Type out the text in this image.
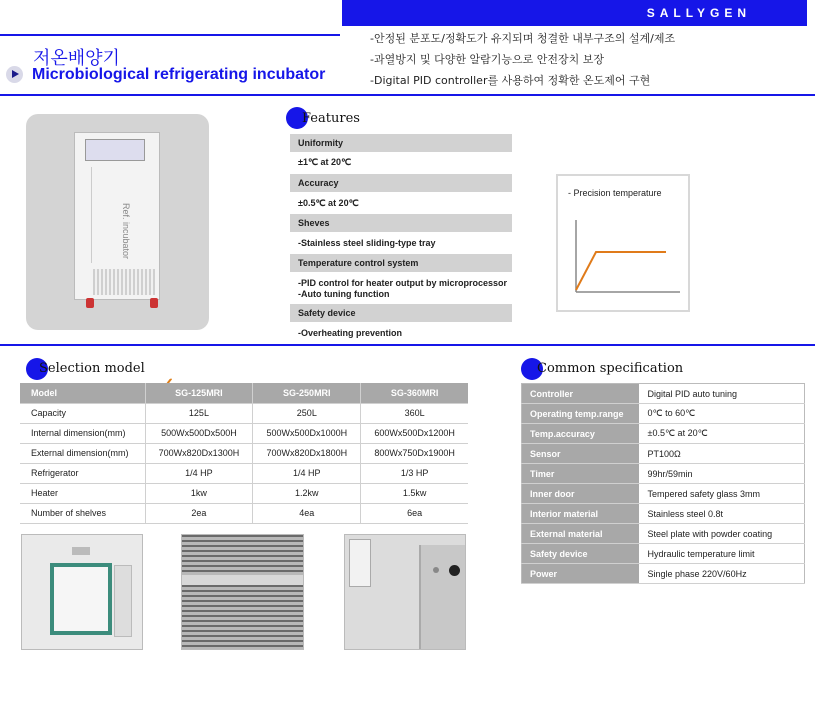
SALLYGEN
저온배양기
Microbiological refrigerating incubator
-안정된 분포도/정확도가 유지되며 청결한 내부구조의 설계/제조
-과열방지 및 다양한 알람기능으로 안전장치 보장
-Digital PID controller를 사용하여 정확한 온도제어 구현
Ref. incubator
Features
Uniformity
±1℃ at 20℃
Accuracy
±0.5℃ at 20℃
Sheves
-Stainless steel sliding-type tray
Temperature control system
-PID control for heater output by microprocessor
-Auto tuning function
Safety device
-Overheating prevention
- Precision temperature
Selection model
Model	SG-125MRI	SG-250MRI	SG-360MRI
Capacity	125L	250L	360L
Internal dimension(mm)	500Wx500Dx500H	500Wx500Dx1000H	600Wx500Dx1200H
External dimension(mm)	700Wx820Dx1300H	700Wx820Dx1800H	800Wx750Dx1900H
Refrigerator	1/4 HP	1/4 HP	1/3 HP
Heater	1kw	1.2kw	1.5kw
Number of shelves	2ea	4ea	6ea
Common specification
Controller	Digital PID auto tuning
Operating temp.range	0℃ to 60℃
Temp.accuracy	±0.5℃ at 20℃
Sensor	PT100Ω
Timer	99hr/59min
Inner door	Tempered safety glass 3mm
Interior material	Stainless steel 0.8t
External material	Steel plate with powder coating
Safety device	Hydraulic temperature limit
Power	Single phase 220V/60Hz
